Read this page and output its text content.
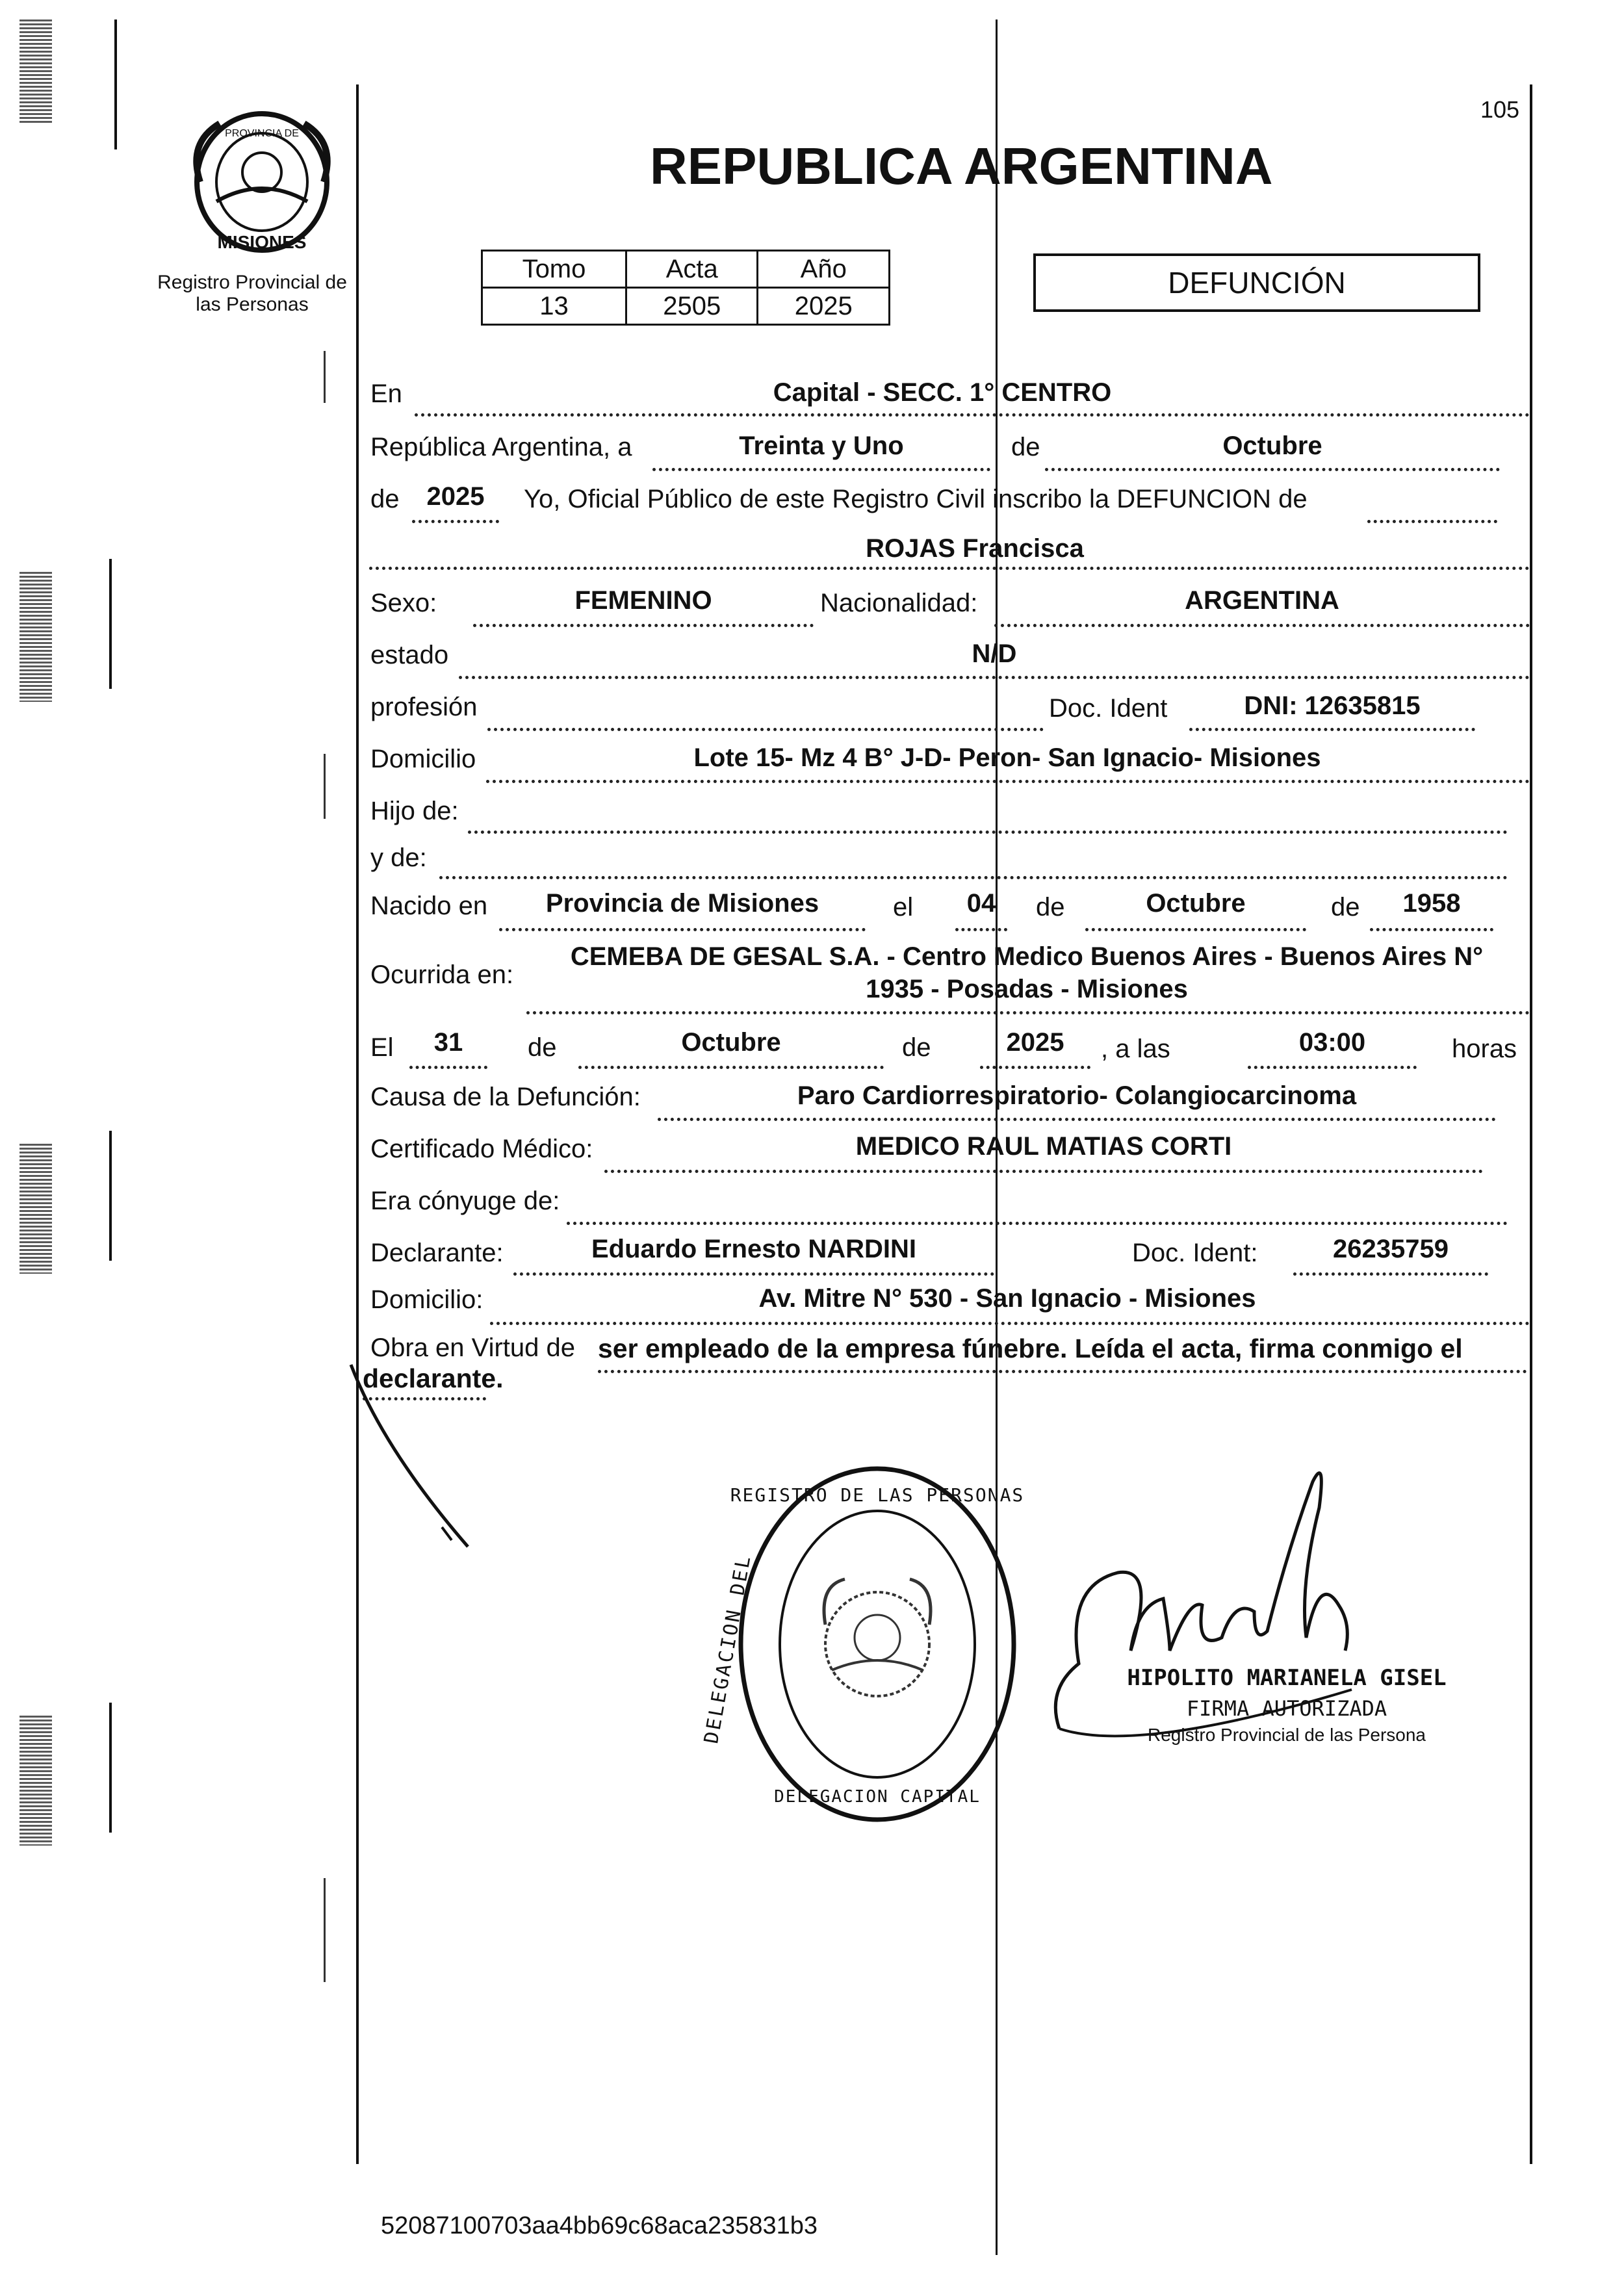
MISIONES
PROVINCIA DE
Registro Provincial de
las Personas
105
REPUBLICA ARGENTINA
Tomo	Acta	Año
13	2505	2025
DEFUNCIÓN
En	Capital - SECC. 1° CENTRO
República Argentina, a	Treinta y Uno	de	Octubre
de	2025	Yo, Oficial Público de este Registro Civil inscribo la DEFUNCION de
ROJAS Francisca
Sexo:	FEMENINO	Nacionalidad:	ARGENTINA
estado	N/D
profesión	Doc. Ident	DNI: 12635815
Domicilio	Lote 15- Mz 4 B° J-D- Peron- San Ignacio- Misiones
Hijo de:
y de:
Nacido en	Provincia de Misiones	el	04	de	Octubre	de	1958
Ocurrida en:
CEMEBA DE GESAL S.A. - Centro Medico Buenos Aires - Buenos Aires N°
1935 - Posadas - Misiones
El	31	de	Octubre	de	2025	, a las	03:00	horas
Causa de la Defunción:	Paro Cardiorrespiratorio- Colangiocarcinoma
Certificado Médico:	MEDICO RAUL MATIAS CORTI
Era cónyuge de:
Declarante:	Eduardo Ernesto NARDINI	Doc. Ident:	26235759
Domicilio:	Av. Mitre N° 530 - San Ignacio - Misiones
Obra en Virtud de ser empleado de la empresa fúnebre. Leída el acta, firma conmigo el
declarante.
REGISTRO DE LAS PERSONAS
DELEGACION DEL
DELEGACION CAPITAL
HIPOLITO MARIANELA GISEL
FIRMA AUTORIZADA
Registro Provincial de las Persona
52087100703aa4bb69c68aca235831b3
